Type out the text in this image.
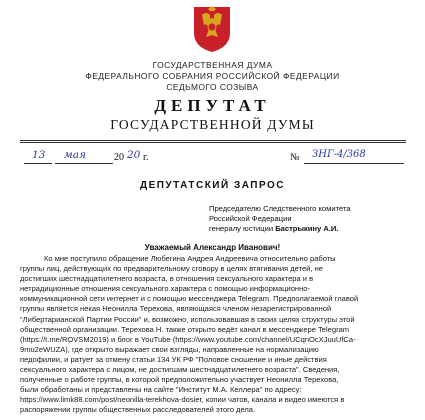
ГОСУДАРСТВЕННАЯ ДУМА
ФЕДЕРАЛЬНОГО СОБРАНИЯ РОССИЙСКОЙ ФЕДЕРАЦИИ
СЕДЬМОГО СОЗЫВА
ДЕПУТАТ
ГОСУДАРСТВЕННОЙ ДУМЫ
13 мая	20 20 г.	№ ЗНГ-4/368
ДЕПУТАТСКИЙ ЗАПРОС
Председателю Следственного комитета
Российской Федерации
генералу юстиции Бастрыкину А.И.
Уважаемый Александр Иванович!
Ко мне поступило обращение Любегина Андрея Андреевича относительно работы
группы лиц, действующих по предварительному сговору в целях втягивания детей, не
достигших шестнадцатилетнего возраста, в отношения сексуального характера и в
нетрадиционные отношения сексуального характера с помощью информационно-
коммуникационной сети интернет и с помощью мессенджера Telegram. Предполагаемой главой
группы является некая Неонилла Терехова, являющаяся членом незарегистрированной
"Либертарианской Партии России" и, возможно, использовавшая в своих целях структуры этой
общественной организации. Терехова Н. также открыто ведёт канал в мессенджере Telegram
(https://t.me/ROVSM2019) и блог в YouTube (https://www.youtube.com/channel/UCqnOcXJuuUfCa-
9mu2eWUZA), где открыто выражает свои взгляды, направленные на нормализацию
педофилии, и ратует за отмену статьи 134 УК РФ "Половое сношение и иные действия
сексуального характера с лицом, не достигшим шестнадцатилетнего возраста". Сведения,
полученные о работе группы, в которой предположительно участвует Неонилла Терехова,
были обработаны и представлены на сайте "Институт М.А. Келлера" по адресу:
https://www.limk88.com/post/neonilla-terekhova-dosier, копии чатов, канала и видео имеются в
распоряжении группы общественных расследователей этого дела.
